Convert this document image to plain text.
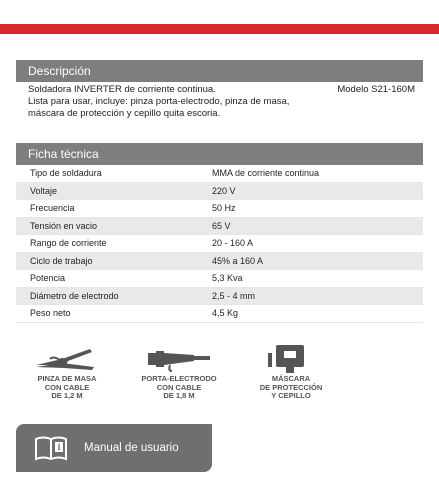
Descripción
Soldadora INVERTER de corriente continua.
Lista para usar, incluye: pinza porta-electrodo, pinza de masa,
máscara de protección y cepillo quita escoria.
Modelo S21-160M
Ficha técnica
Tipo de soldadura	MMA de corriente continua
Voltaje	220 V
Frecuencia	50 Hz
Tensión en vacio	65 V
Rango de corriente	20 - 160 A
Ciclo de trabajo	45% a 160 A
Potencia	5,3 Kva
Diámetro de electrodo	2,5 - 4 mm
Peso neto	4,5 Kg
PINZA DE MASA
CON CABLE
DE 1,2 M
PORTA-ELECTRODO
CON CABLE
DE 1,8 M
MÁSCARA
DE PROTECCIÓN
Y CEPILLO
i Manual de usuario
